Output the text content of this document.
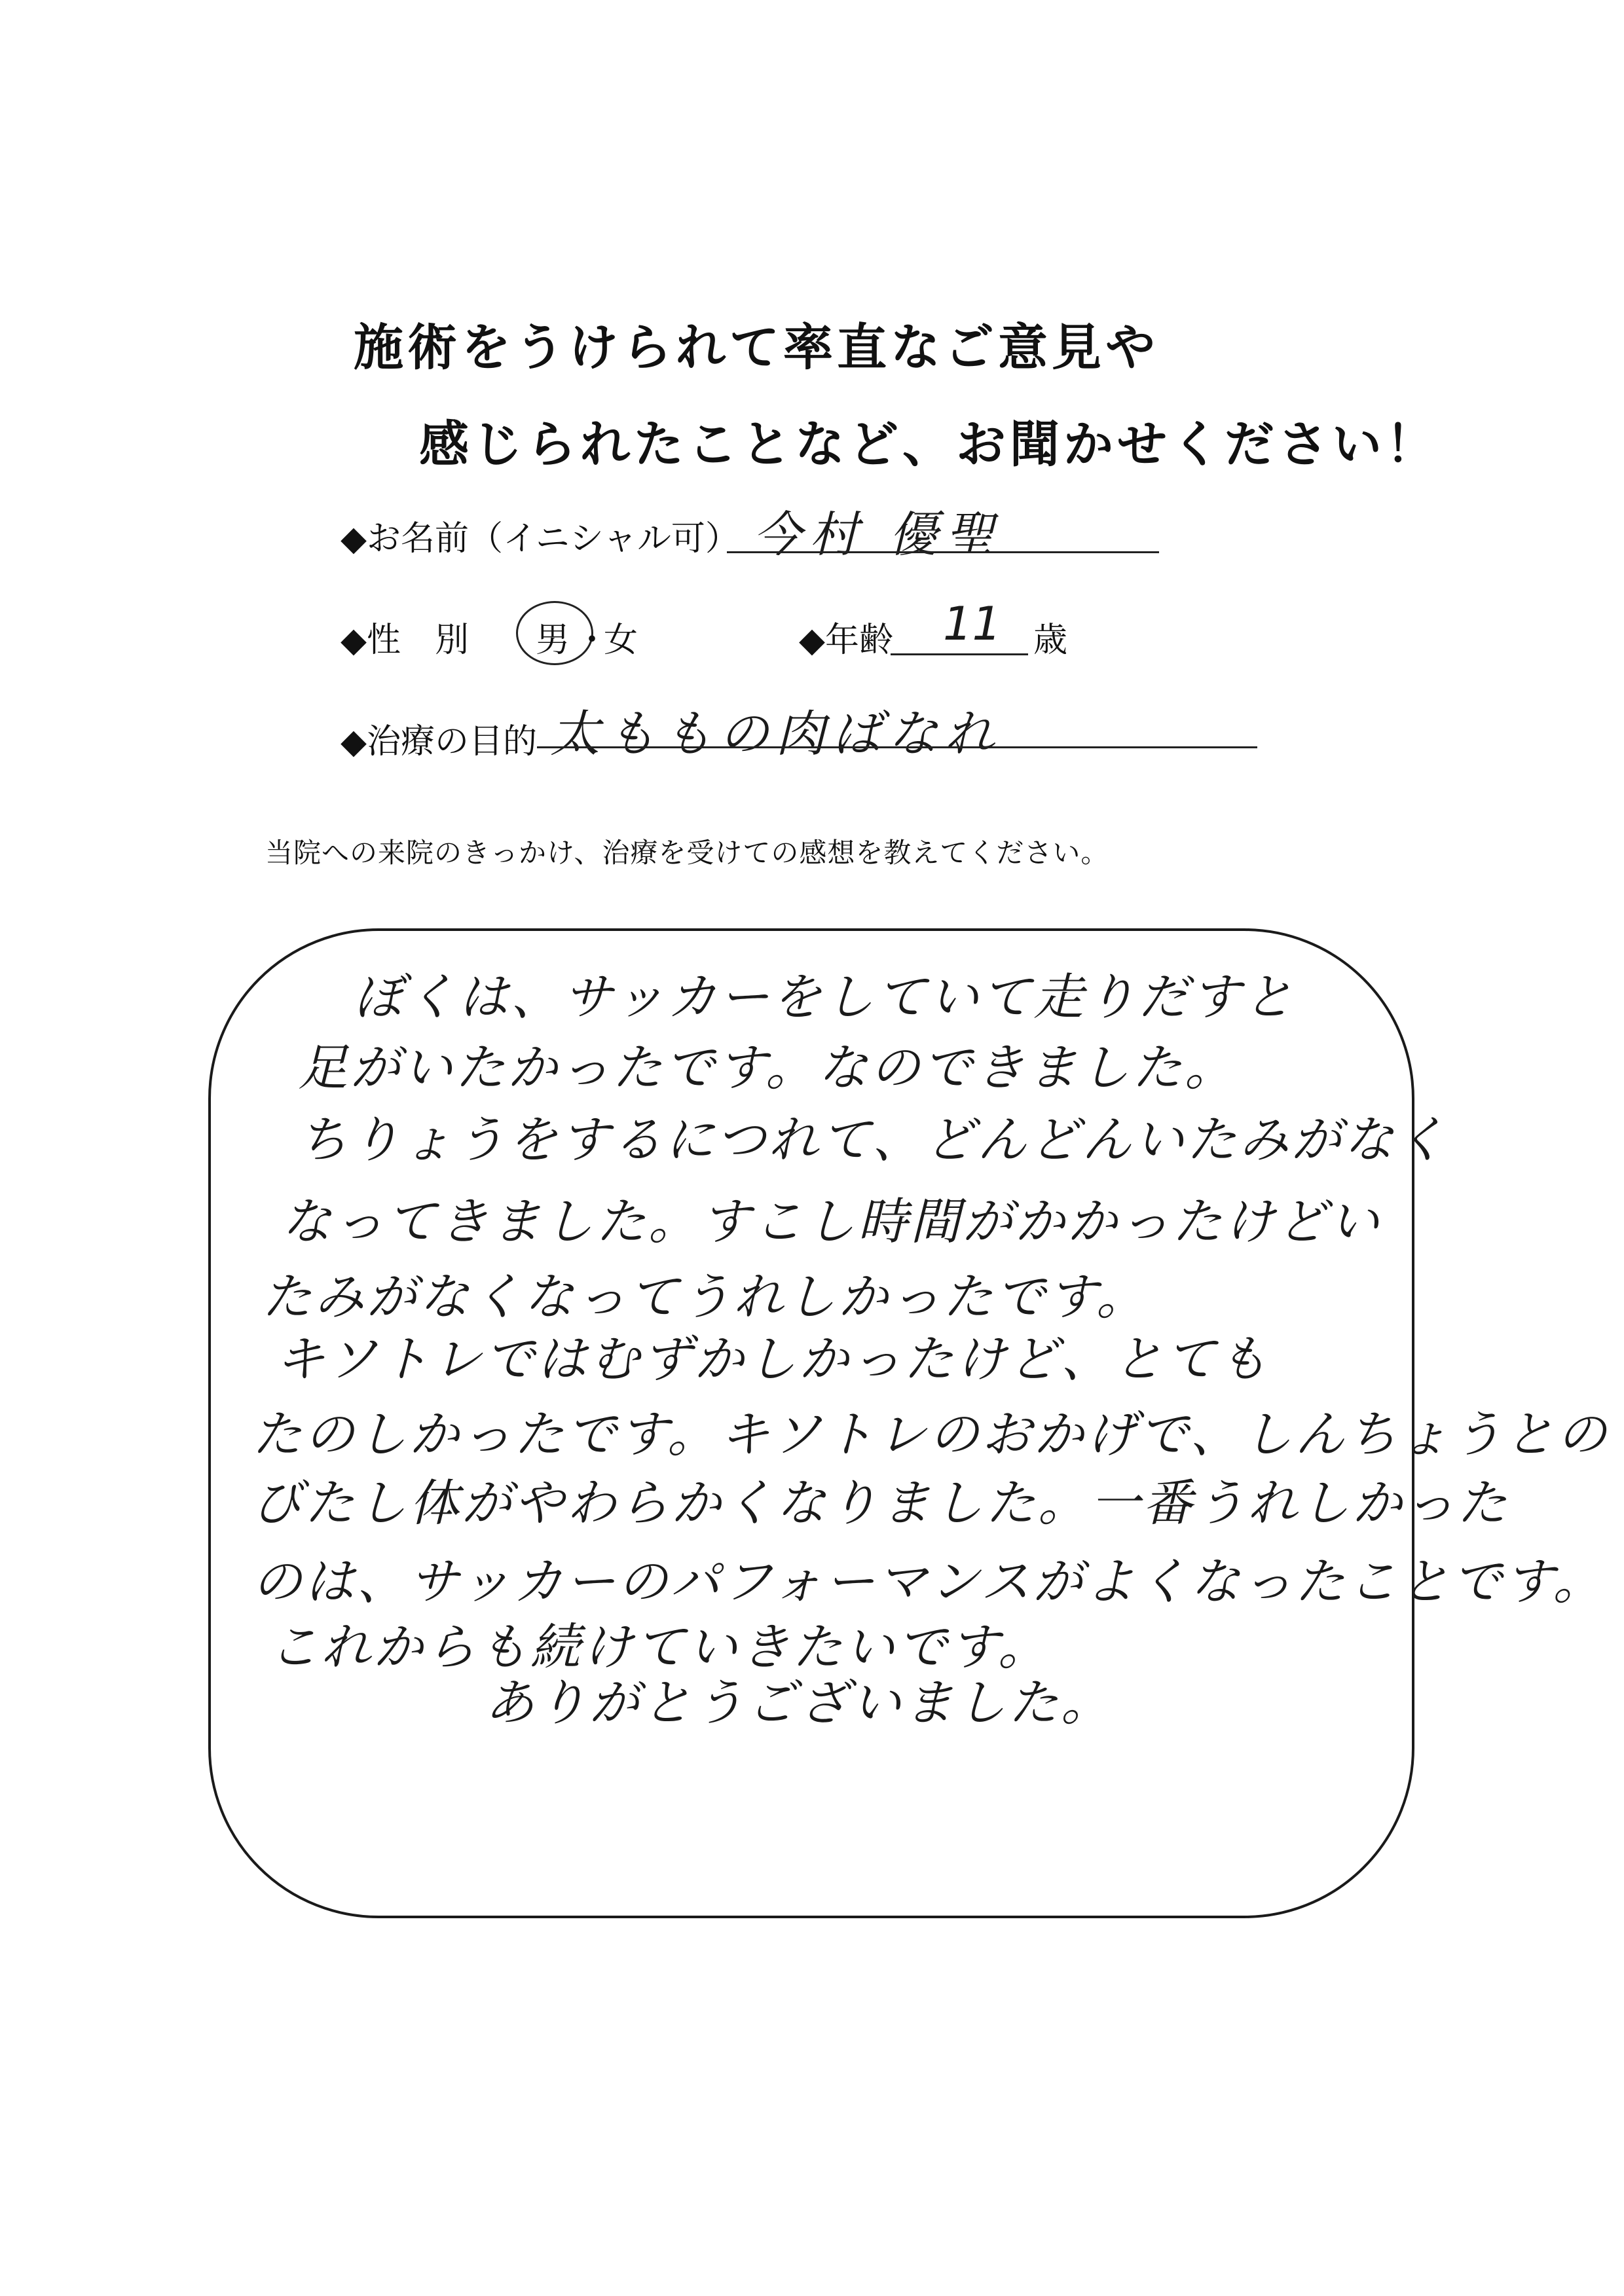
施術をうけられて率直なご意見や
感じられたことなど、お聞かせください！
◆お名前（イニシャル可） 今村 優聖
◆性　別 男 ・
女	◆年齢 11 歳
◆治療の目的 太ももの肉ばなれ
当院への来院のきっかけ、治療を受けての感想を教えてください。
ぼくは、サッカーをしていて走りだすと
足がいたかったです。なのできました。
ちりょうをするにつれて、どんどんいたみがなく
なってきました。すこし時間がかかったけどい
たみがなくなってうれしかったです。
キソトレではむずかしかったけど、とても
たのしかったです。キソトレのおかげで、しんちょうとの
びたし体がやわらかくなりました。一番うれしかった
のは、サッカーのパフォーマンスがよくなったことです。
これからも続けていきたいです。
ありがとうございました。
